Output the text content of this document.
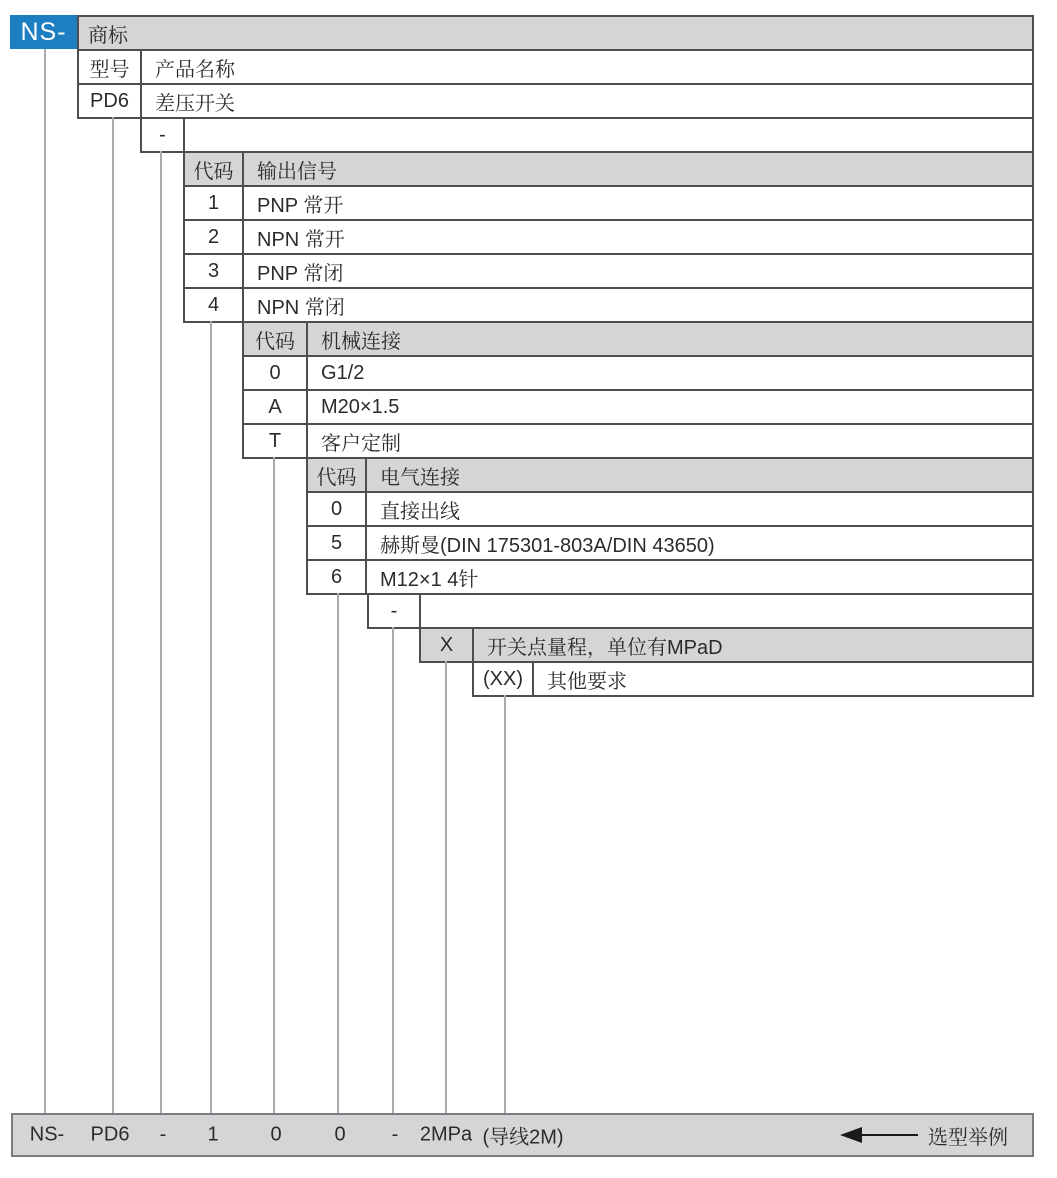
NS-	商标
型号	产品名称
PD6	差压开关
-
代码	输出信号
1	PNP 常开
2	NPN 常开
3	PNP 常闭
4	NPN 常闭
代码	机械连接
0	G1/2
A	M20×1.5
T	客户定制
代码	电气连接
0	直接出线
5	赫斯曼(DIN 175301-803A/DIN 43650)
6	M12×1 4针
-
X	开关点量程，单位有MPaD
(XX)	其他要求
NS- PD6 - 1	0	0 - 2MPa (导线2M)	选型举例
